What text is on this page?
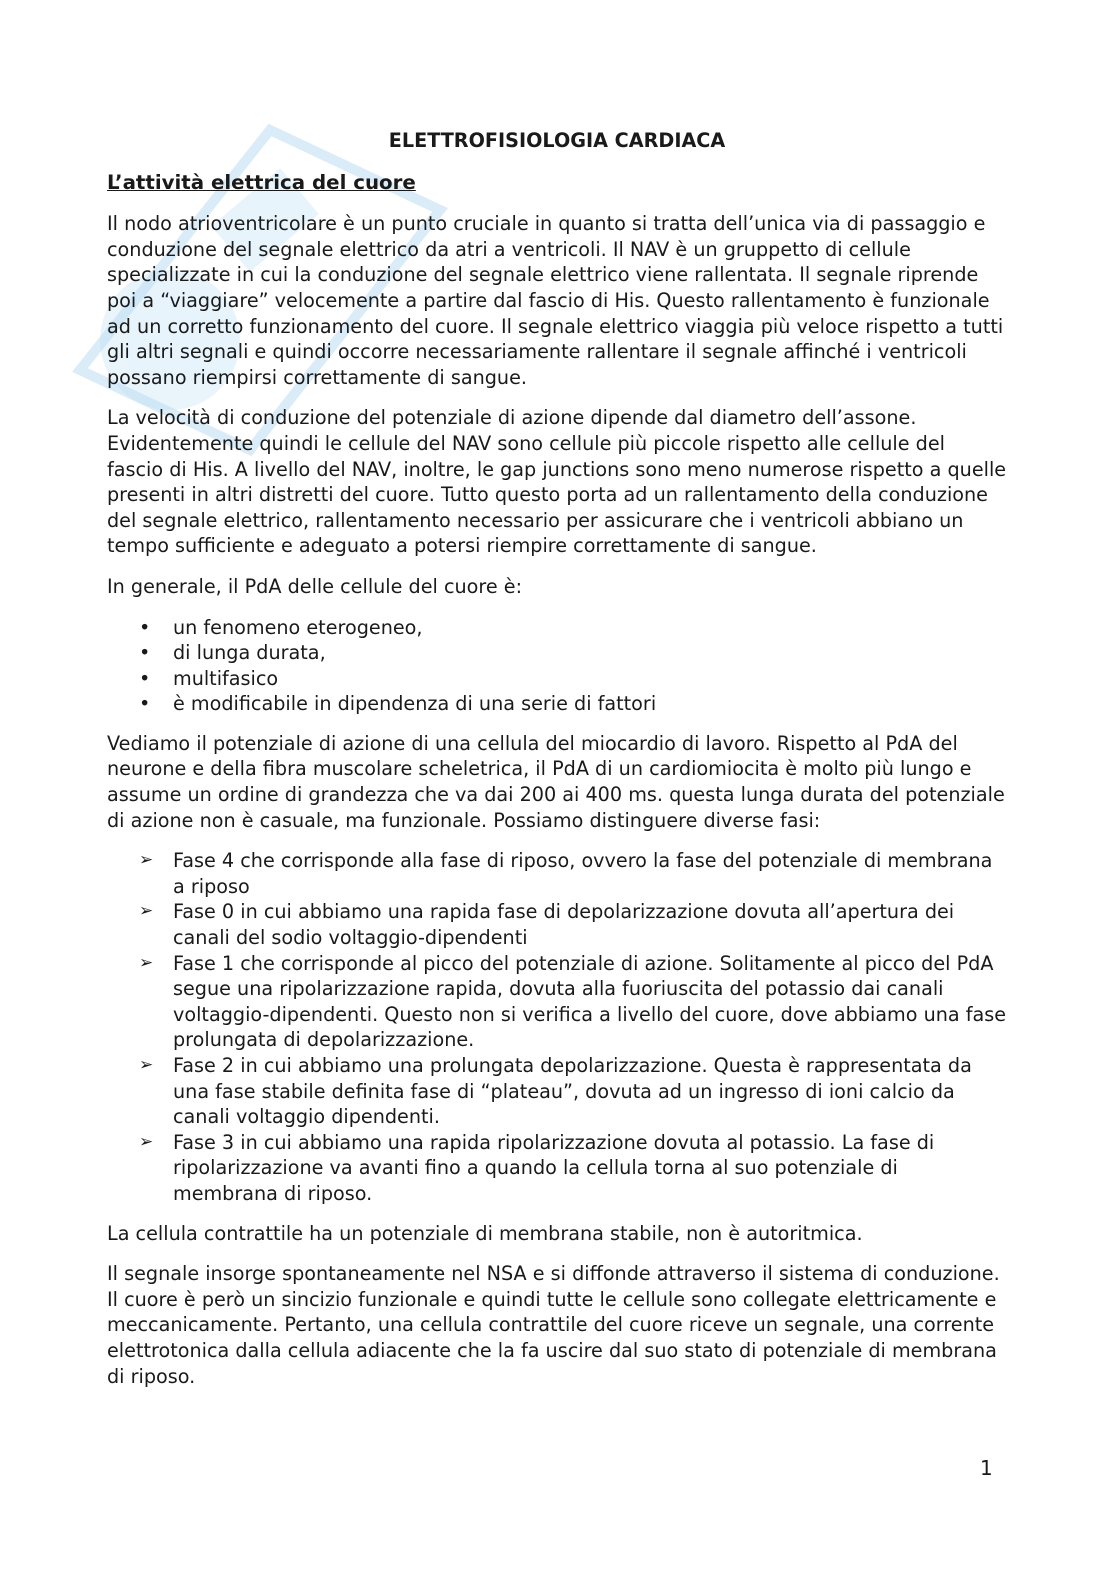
ELETTROFISIOLOGIA CARDIACA
L’attività elettrica del cuore

Il nodo atrioventricolare è un punto cruciale in quanto si tratta dell’unica via di passaggio e conduzione del segnale elettrico da atri a ventricoli. Il NAV è un gruppetto di cellule specializzate in cui la conduzione del segnale elettrico viene rallentata. Il segnale riprende poi a “viaggiare” velocemente a partire dal fascio di His. Questo rallentamento è funzionale ad un corretto funzionamento del cuore. Il segnale elettrico viaggia più veloce rispetto a tutti gli altri segnali e quindi occorre necessariamente rallentare il segnale affinché i ventricoli possano riempirsi correttamente di sangue.

La velocità di conduzione del potenziale di azione dipende dal diametro dell’assone. Evidentemente quindi le cellule del NAV sono cellule più piccole rispetto alle cellule del fascio di His. A livello del NAV, inoltre, le gap junctions sono meno numerose rispetto a quelle presenti in altri distretti del cuore. Tutto questo porta ad un rallentamento della conduzione del segnale elettrico, rallentamento necessario per assicurare che i ventricoli abbiano un tempo sufficiente e adeguato a potersi riempire correttamente di sangue.

In generale, il PdA delle cellule del cuore è:

• un fenomeno eterogeneo,
• di lunga durata,
• multifasico
• è modificabile in dipendenza di una serie di fattori

Vediamo il potenziale di azione di una cellula del miocardio di lavoro. Rispetto al PdA del neurone e della fibra muscolare scheletrica, il PdA di un cardiomiocita è molto più lungo e assume un ordine di grandezza che va dai 200 ai 400 ms. questa lunga durata del potenziale di azione non è casuale, ma funzionale. Possiamo distinguere diverse fasi:

➢ Fase 4 che corrisponde alla fase di riposo, ovvero la fase del potenziale di membrana a riposo
➢ Fase 0 in cui abbiamo una rapida fase di depolarizzazione dovuta all’apertura dei canali del sodio voltaggio-dipendenti
➢ Fase 1 che corrisponde al picco del potenziale di azione. Solitamente al picco del PdA segue una ripolarizzazione rapida, dovuta alla fuoriuscita del potassio dai canali voltaggio-dipendenti. Questo non si verifica a livello del cuore, dove abbiamo una fase prolungata di depolarizzazione.
➢ Fase 2 in cui abbiamo una prolungata depolarizzazione. Questa è rappresentata da una fase stabile definita fase di “plateau”, dovuta ad un ingresso di ioni calcio da canali voltaggio dipendenti.
➢ Fase 3 in cui abbiamo una rapida ripolarizzazione dovuta al potassio. La fase di ripolarizzazione va avanti fino a quando la cellula torna al suo potenziale di membrana di riposo.

La cellula contrattile ha un potenziale di membrana stabile, non è autoritmica.

Il segnale insorge spontaneamente nel NSA e si diffonde attraverso il sistema di conduzione. Il cuore è però un sincizio funzionale e quindi tutte le cellule sono collegate elettricamente e meccanicamente. Pertanto, una cellula contrattile del cuore riceve un segnale, una corrente elettrotonica dalla cellula adiacente che la fa uscire dal suo stato di potenziale di membrana di riposo.

1
